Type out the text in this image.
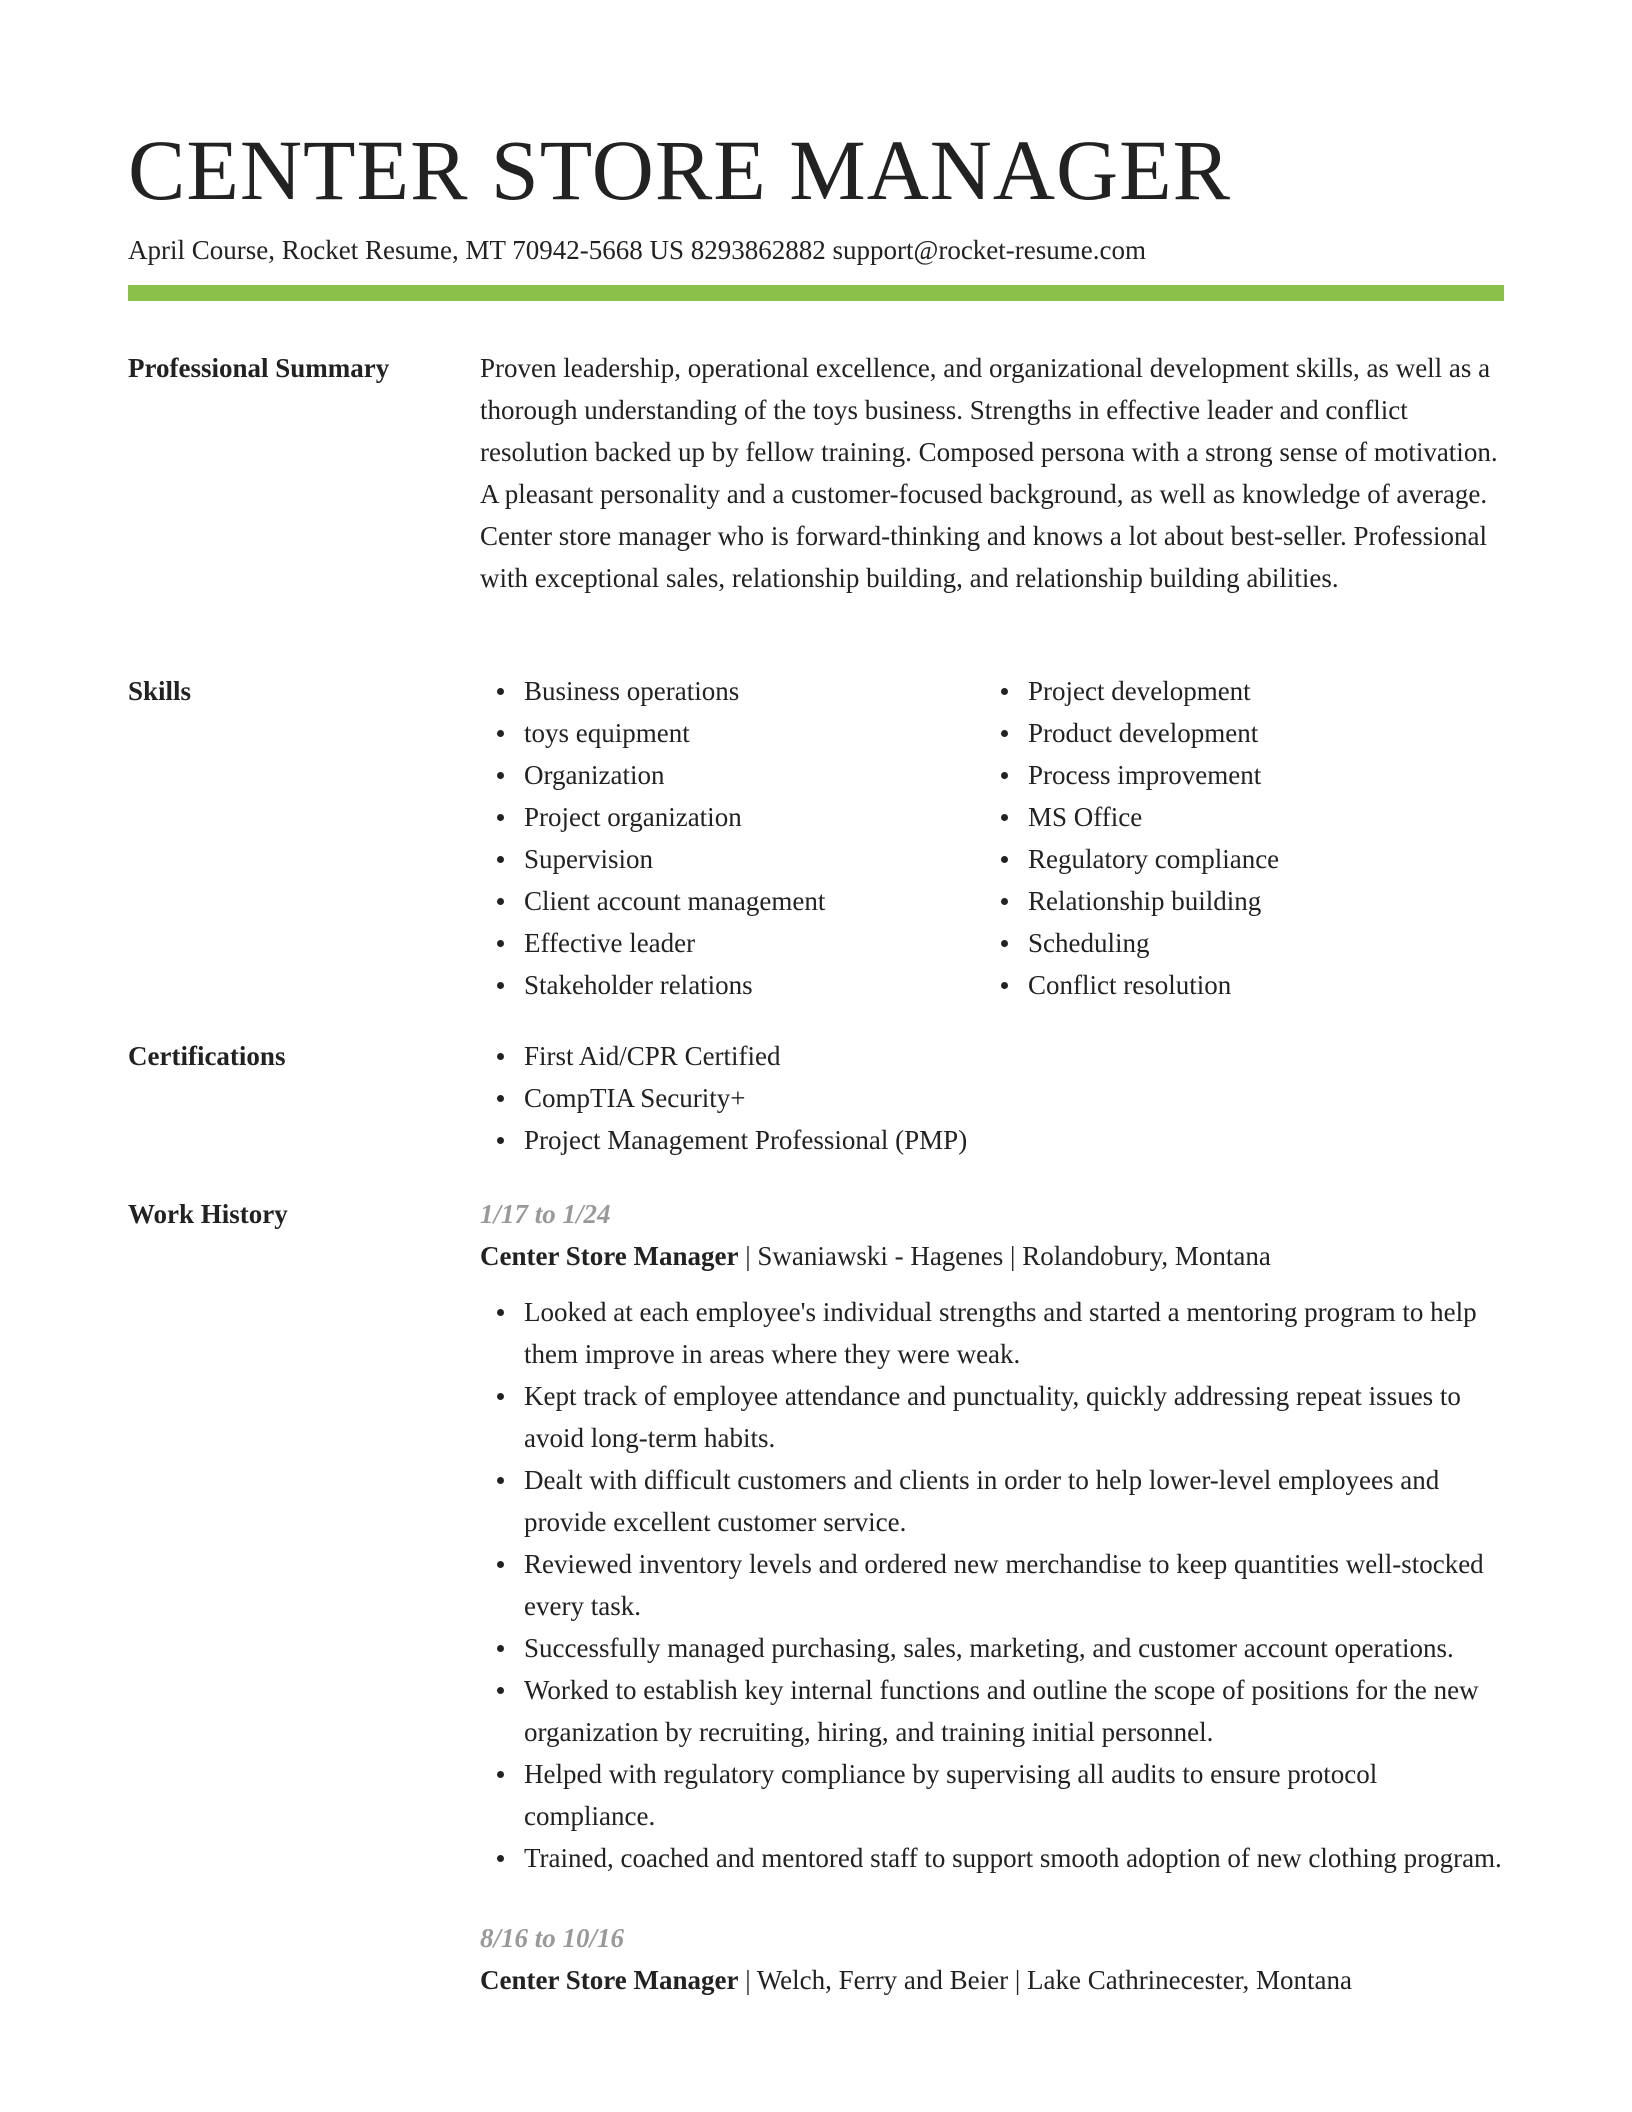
CENTER STORE MANAGER
April Course, Rocket Resume, MT 70942-5668 US 8293862882 support@rocket-resume.com
Professional Summary	Proven leadership, operational excellence, and organizational development skills, as well as a thorough understanding of the toys business. Strengths in effective leader and conflict resolution backed up by fellow training. Composed persona with a strong sense of motivation. A pleasant personality and a customer-focused background, as well as knowledge of average. Center store manager who is forward-thinking and knows a lot about best-seller. Professional with exceptional sales, relationship building, and relationship building abilities.

Skills	Business operations
toys equipment
Organization
Project organization
Supervision
Client account management
Effective leader
Stakeholder relations
Project development
Product development
Process improvement
MS Office
Regulatory compliance
Relationship building
Scheduling
Conflict resolution
Certifications	First Aid/CPR Certified
CompTIA Security+
Project Management Professional (PMP)
Work History	1/17 to 1/24
Center Store Manager | Swaniawski - Hagenes | Rolandobury, Montana
Looked at each employee's individual strengths and started a mentoring program to help them improve in areas where they were weak.
Kept track of employee attendance and punctuality, quickly addressing repeat issues to avoid long-term habits.
Dealt with difficult customers and clients in order to help lower-level employees and provide excellent customer service.
Reviewed inventory levels and ordered new merchandise to keep quantities well-stocked every task.
Successfully managed purchasing, sales, marketing, and customer account operations.
Worked to establish key internal functions and outline the scope of positions for the new organization by recruiting, hiring, and training initial personnel.
Helped with regulatory compliance by supervising all audits to ensure protocol compliance.
Trained, coached and mentored staff to support smooth adoption of new clothing program.
8/16 to 10/16
Center Store Manager | Welch, Ferry and Beier | Lake Cathrinecester, Montana
